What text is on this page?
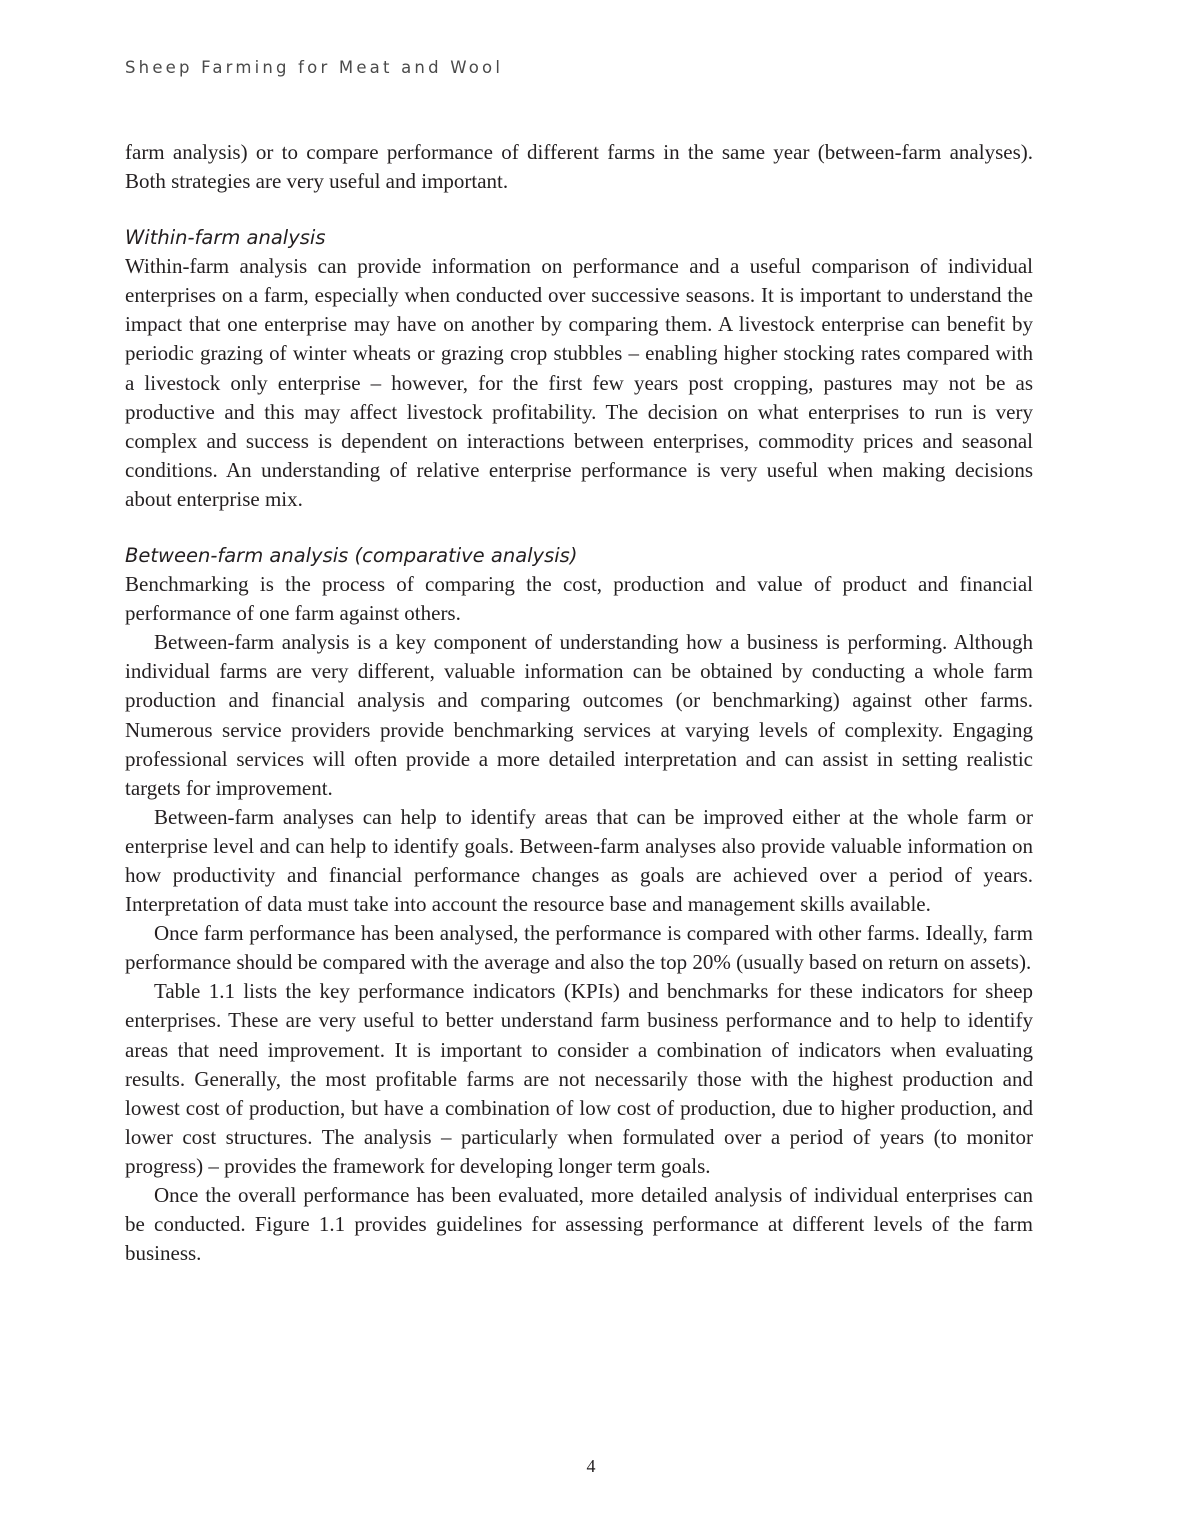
Sheep Farming for Meat and Wool

farm analysis) or to compare performance of different farms in the same year (between-farm analyses). Both strategies are very useful and important.

Within-farm analysis

Within-farm analysis can provide information on performance and a useful comparison of individual enterprises on a farm, especially when conducted over successive seasons. It is important to understand the impact that one enterprise may have on another by comparing them. A livestock enterprise can benefit by periodic grazing of winter wheats or grazing crop stubbles – enabling higher stocking rates compared with a livestock only enterprise – however, for the first few years post cropping, pastures may not be as productive and this may affect livestock profitability. The decision on what enterprises to run is very complex and success is dependent on interactions between enterprises, commodity prices and seasonal conditions. An understanding of relative enterprise performance is very useful when making decisions about enterprise mix.

Between-farm analysis (comparative analysis)

Benchmarking is the process of comparing the cost, production and value of product and financial performance of one farm against others.

Between-farm analysis is a key component of understanding how a business is performing. Although individual farms are very different, valuable information can be obtained by conducting a whole farm production and financial analysis and comparing outcomes (or benchmarking) against other farms. Numerous service providers provide benchmarking services at varying levels of complexity. Engaging professional services will often provide a more detailed interpretation and can assist in setting realistic targets for improvement.

Between-farm analyses can help to identify areas that can be improved either at the whole farm or enterprise level and can help to identify goals. Between-farm analyses also provide valuable information on how productivity and financial performance changes as goals are achieved over a period of years. Interpretation of data must take into account the resource base and management skills available.

Once farm performance has been analysed, the performance is compared with other farms. Ideally, farm performance should be compared with the average and also the top 20% (usually based on return on assets).

Table 1.1 lists the key performance indicators (KPIs) and benchmarks for these indicators for sheep enterprises. These are very useful to better understand farm business performance and to help to identify areas that need improvement. It is important to consider a combination of indicators when evaluating results. Generally, the most profitable farms are not necessarily those with the highest production and lowest cost of production, but have a combination of low cost of production, due to higher production, and lower cost structures. The analysis – particularly when formulated over a period of years (to monitor progress) – provides the framework for developing longer term goals.

Once the overall performance has been evaluated, more detailed analysis of individual enterprises can be conducted. Figure 1.1 provides guidelines for assessing performance at different levels of the farm business.

4
